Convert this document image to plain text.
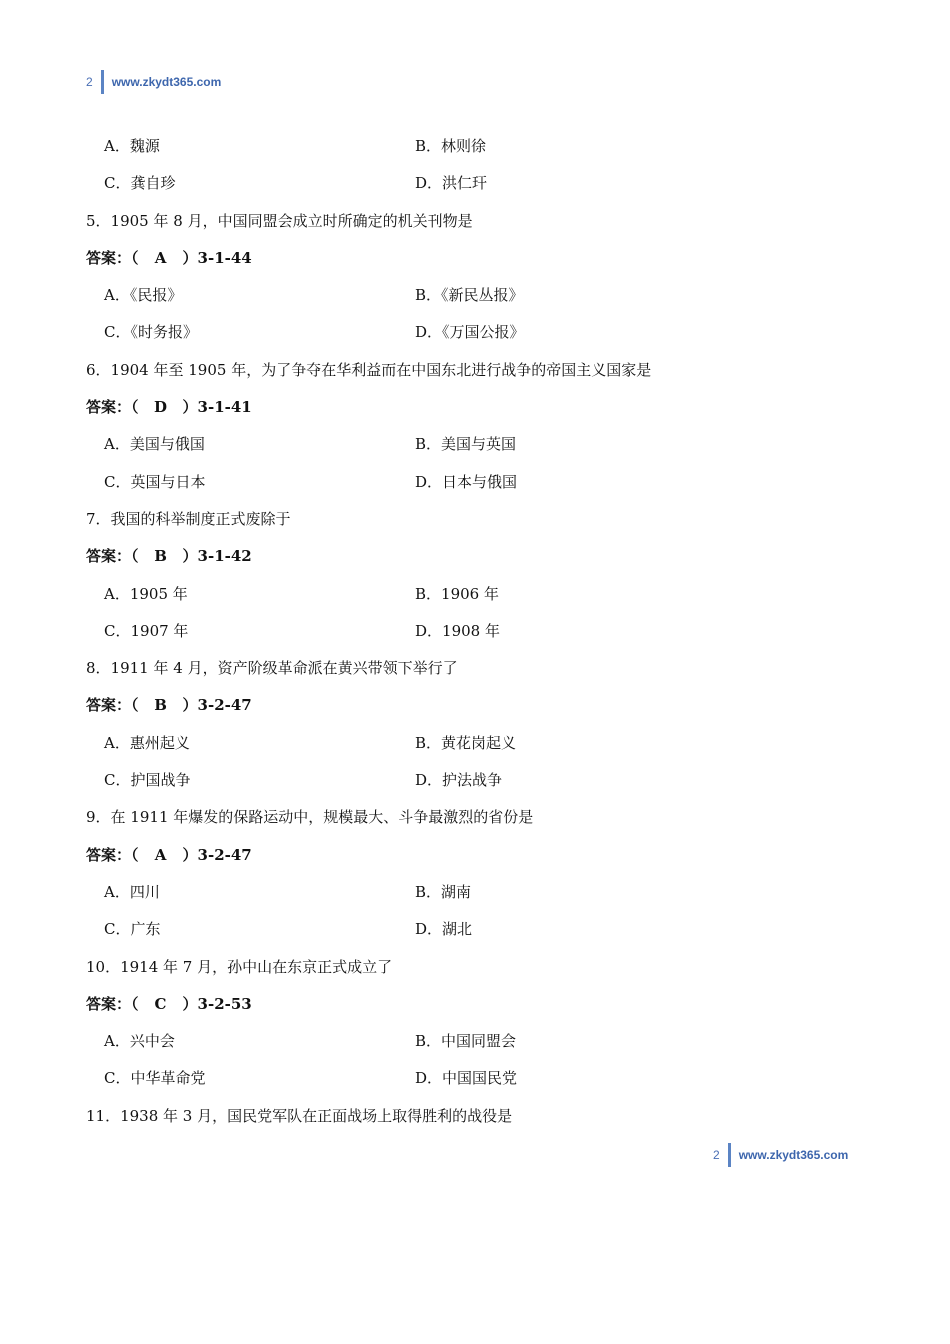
2 www.zkydt365.com
A．魏源	B．林则徐
C．龚自珍	D．洪仁玕
5．1905 年 8 月，中国同盟会成立时所确定的机关刊物是
答案：（ A ）3-1-44
A．《民报》	B．《新民丛报》
C．《时务报》	D．《万国公报》
6．1904 年至 1905 年，为了争夺在华利益而在中国东北进行战争的帝国主义国家是
答案：（ D ）3-1-41
A．美国与俄国	B．美国与英国
C．英国与日本	D．日本与俄国
7．我国的科举制度正式废除于
答案：（ B ）3-1-42
A．1905 年	B．1906 年
C．1907 年	D．1908 年
8．1911 年 4 月，资产阶级革命派在黄兴带领下举行了
答案：（ B ）3-2-47
A．惠州起义	B．黄花岗起义
C．护国战争	D．护法战争
9．在 1911 年爆发的保路运动中，规模最大、斗争最激烈的省份是
答案：（ A ）3-2-47
A．四川	B．湖南
C．广东	D．湖北
10．1914 年 7 月，孙中山在东京正式成立了
答案：（ C ）3-2-53
A．兴中会	B．中国同盟会
C．中华革命党	D．中国国民党
11．1938 年 3 月，国民党军队在正面战场上取得胜利的战役是
2 www.zkydt365.com
